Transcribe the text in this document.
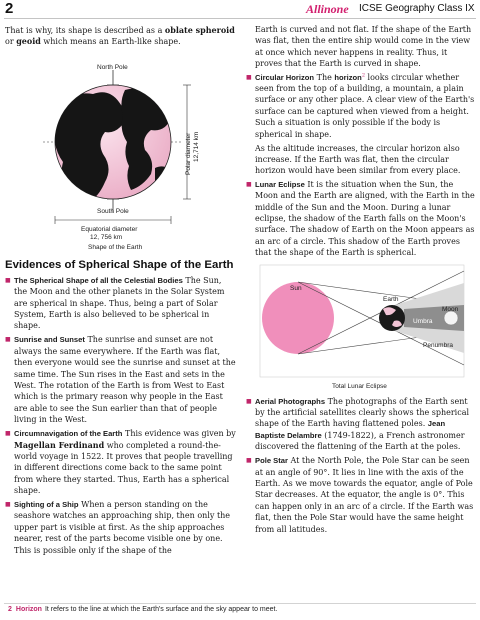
2	Allinone ICSE Geography Class IX

That is why, its shape is described as a oblate spheroid or geoid which means an Earth-like shape.

North Pole
South Pole
Polar diameter 12,714 km
Equatorial diameter
12, 756 km
Shape of the Earth
Evidences of Spherical Shape of the Earth
■ The Spherical Shape of all the Celestial Bodies The Sun, the Moon and the other planets in the Solar System are spherical in shape. Thus, being a part of Solar System, Earth is also believed to be spherical in shape.
■ Sunrise and Sunset The sunrise and sunset are not always the same everywhere. If the Earth was flat, then everyone would see the sunrise and sunset at the same time. The Sun rises in the East and sets in the West. The rotation of the Earth is from West to East which is the primary reason why people in the East are able to see the Sun earlier than that of people living in the West.
■ Circumnavigation of the Earth This evidence was given by Magellan Ferdinand who completed a round-the-world voyage in 1522. It proves that people travelling in different directions come back to the same point from where they started. Thus, Earth has a spherical shape.
■ Sighting of a Ship When a person standing on the seashore watches an approaching ship, then only the upper part is visible at first. As the ship approaches nearer, rest of the parts become visible one by one. This is possible only if the shape of the

Earth is curved and not flat. If the shape of the Earth was flat, then the entire ship would come in the view at once which never happens in reality. Thus, it proves that the Earth is curved in shape.

■ Circular Horizon The horizon$^2$ looks circular whether seen from the top of a building, a mountain, a plain surface or any other place. A clear view of the Earth's surface can be captured when viewed from a height. Such a situation is only possible if the body is spherical in shape.

As the altitude increases, the circular horizon also increase. If the Earth was flat, then the circular horizon would have been similar from every place.

■ Lunar Eclipse It is the situation when the Sun, the Moon and the Earth are aligned, with the Earth in the middle of the Sun and the Moon. During a lunar eclipse, the shadow of the Earth falls on the Moon's surface. The shadow of Earth on the Moon appears as an arc of a circle. This shadow of the Earth proves that the shape of the Earth is spherical.
Sun
Earth
Moon
Umbra
Penumbra
Total Lunar Eclipse
■ Aerial Photographs The photographs of the Earth sent by the artificial satellites clearly shows the spherical shape of the Earth having flattened poles. Jean Baptiste Delambre (1749-1822), a French astronomer discovered the flattening of the Earth at the poles.
■ Pole Star At the North Pole, the Pole Star can be seen at an angle of 90°. It lies in line with the axis of the Earth. As we move towards the equator, angle of Pole Star decreases. At the equator, the angle is 0°. This can happen only in an arc of a circle. If the Earth was flat, then the Pole Star would have the same height from all latitudes.
2 Horizon It refers to the line at which the Earth's surface and the sky appear to meet.
